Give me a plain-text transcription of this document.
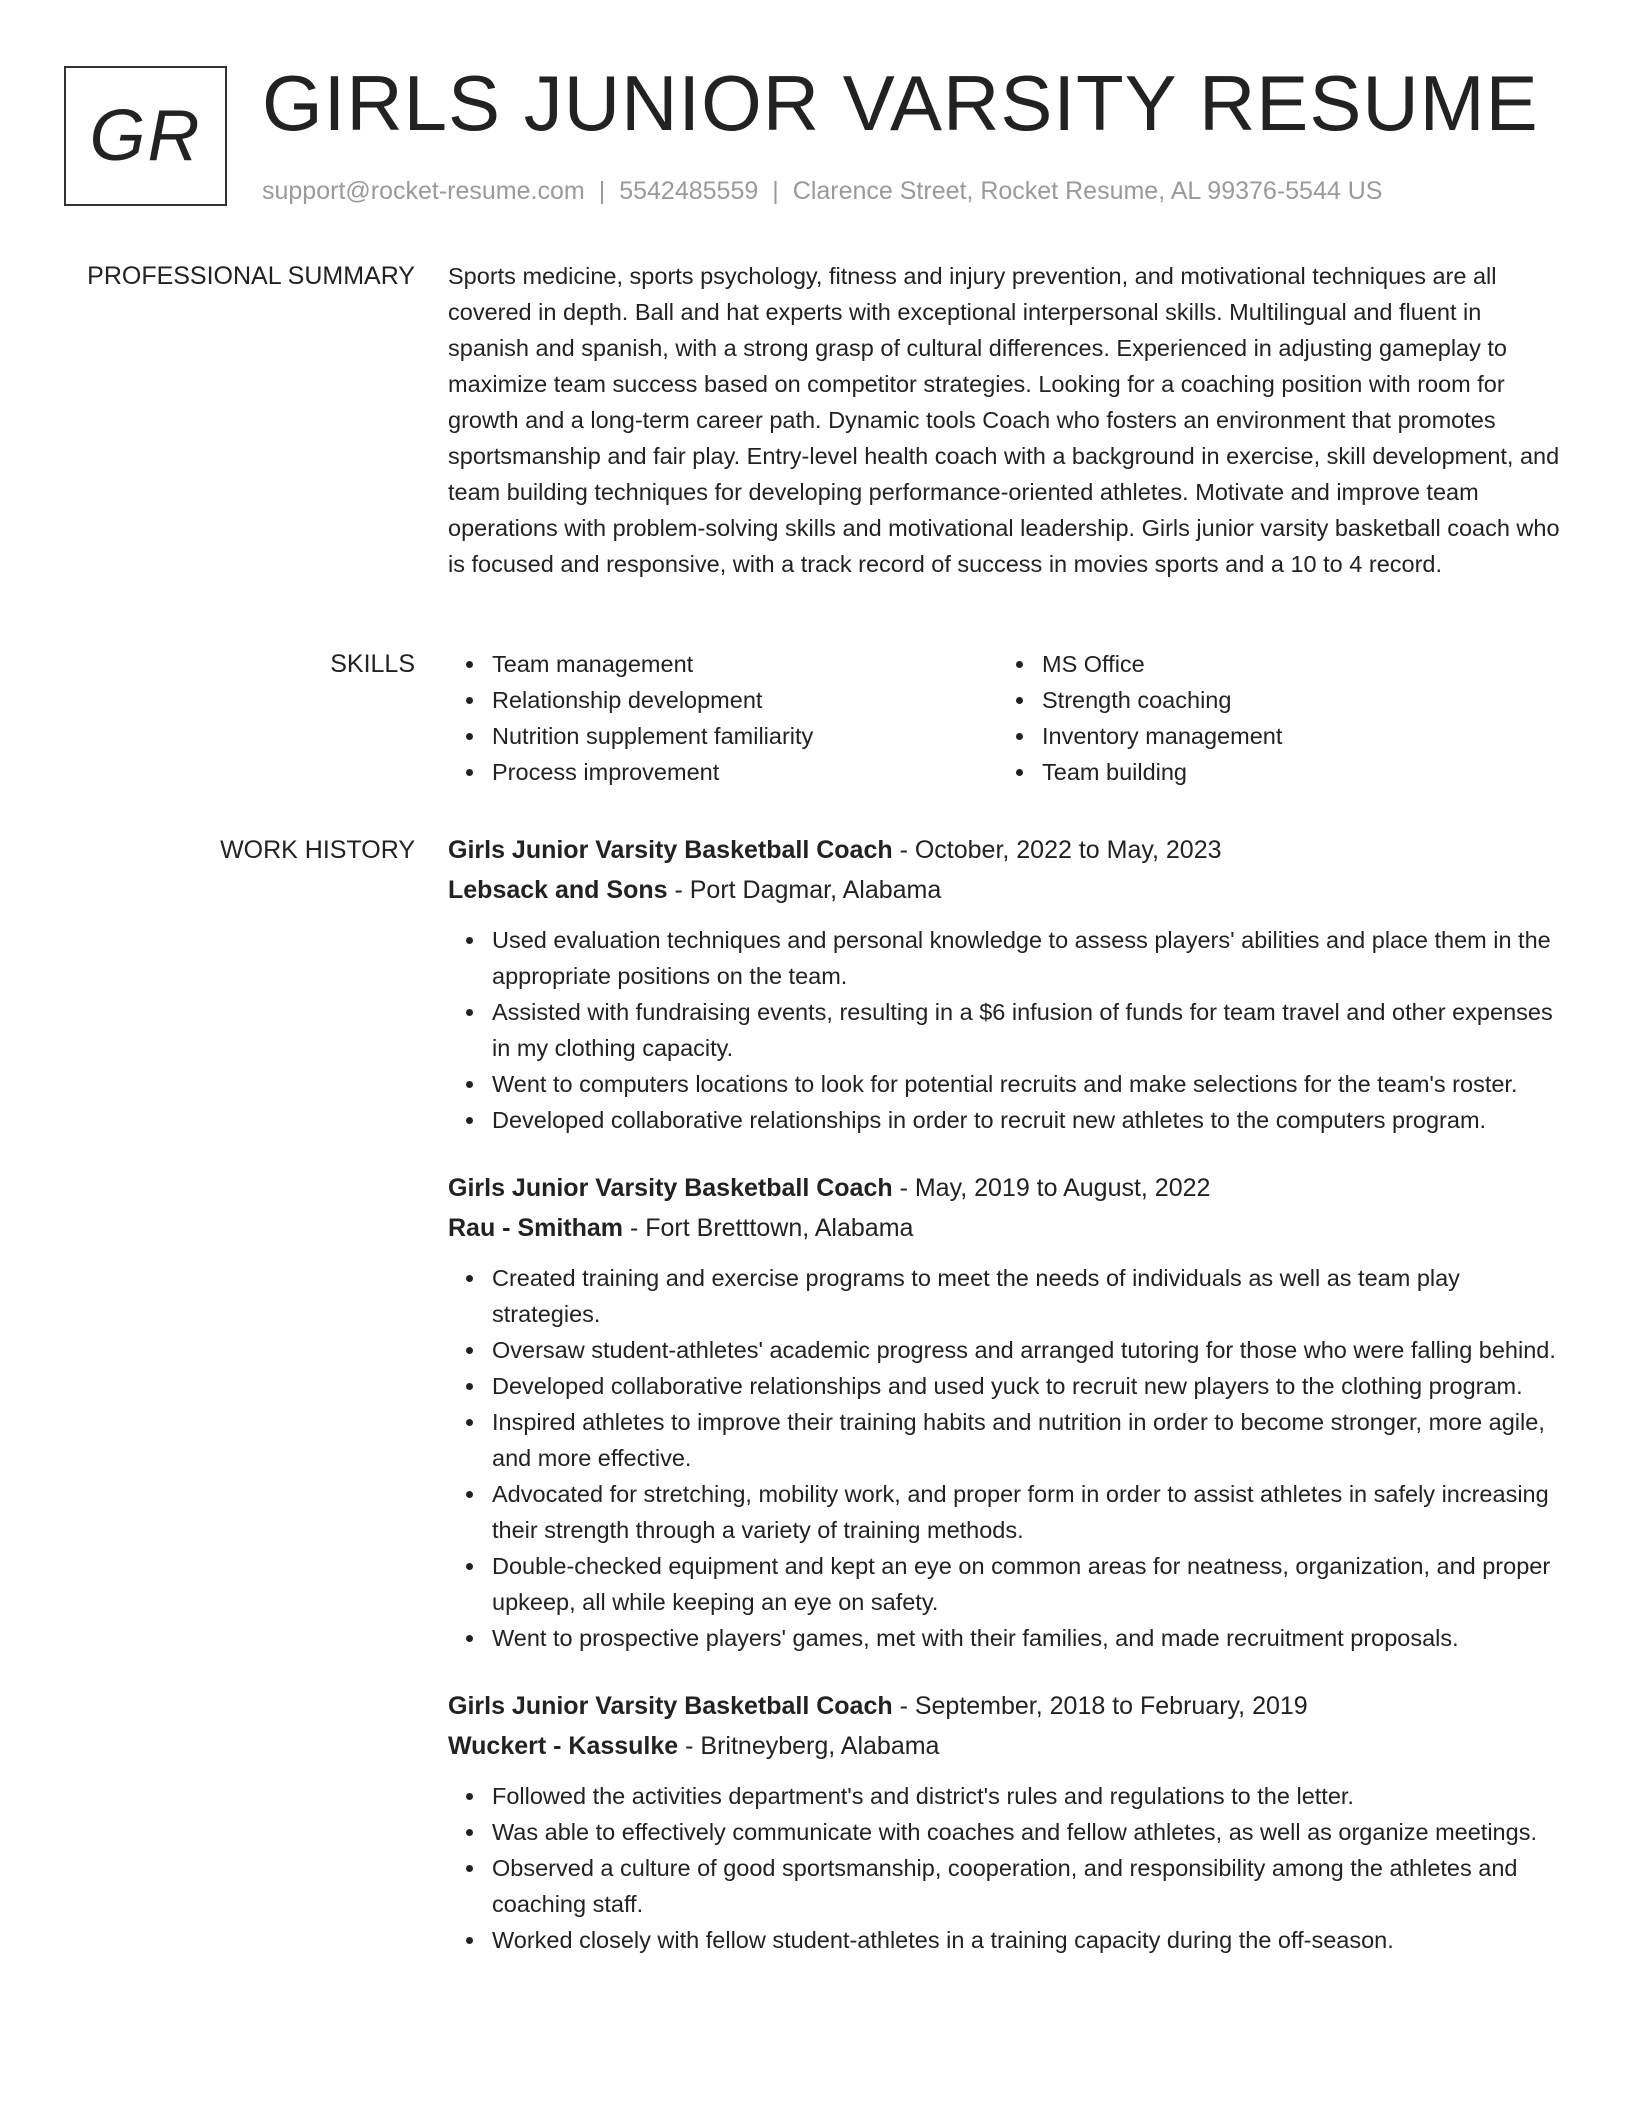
GR GIRLS JUNIOR VARSITY RESUME
support@rocket-resume.com | 5542485559 | Clarence Street, Rocket Resume, AL 99376-5544 US
PROFESSIONAL SUMMARY Sports medicine, sports psychology, fitness and injury prevention, and motivational techniques are all covered in depth. Ball and hat experts with exceptional interpersonal skills. Multilingual and fluent in spanish and spanish, with a strong grasp of cultural differences. Experienced in adjusting gameplay to maximize team success based on competitor strategies. Looking for a coaching position with room for growth and a long-term career path. Dynamic tools Coach who fosters an environment that promotes sportsmanship and fair play. Entry-level health coach with a background in exercise, skill development, and team building techniques for developing performance-oriented athletes. Motivate and improve team operations with problem-solving skills and motivational leadership. Girls junior varsity basketball coach who is focused and responsive, with a track record of success in movies sports and a 10 to 4 record.

SKILLS	Team management
Relationship development
Nutrition supplement familiarity
Process improvement
MS Office
Strength coaching
Inventory management
Team building
WORK HISTORY Girls Junior Varsity Basketball Coach - October, 2022 to May, 2023
Lebsack and Sons - Port Dagmar, Alabama
Used evaluation techniques and personal knowledge to assess players' abilities and place them in the appropriate positions on the team.
Assisted with fundraising events, resulting in a $6 infusion of funds for team travel and other expenses in my clothing capacity.
Went to computers locations to look for potential recruits and make selections for the team's roster.
Developed collaborative relationships in order to recruit new athletes to the computers program.
Girls Junior Varsity Basketball Coach - May, 2019 to August, 2022
Rau - Smitham - Fort Bretttown, Alabama
Created training and exercise programs to meet the needs of individuals as well as team play strategies.
Oversaw student-athletes' academic progress and arranged tutoring for those who were falling behind.
Developed collaborative relationships and used yuck to recruit new players to the clothing program.
Inspired athletes to improve their training habits and nutrition in order to become stronger, more agile, and more effective.
Advocated for stretching, mobility work, and proper form in order to assist athletes in safely increasing their strength through a variety of training methods.
Double-checked equipment and kept an eye on common areas for neatness, organization, and proper upkeep, all while keeping an eye on safety.
Went to prospective players' games, met with their families, and made recruitment proposals.
Girls Junior Varsity Basketball Coach - September, 2018 to February, 2019
Wuckert - Kassulke - Britneyberg, Alabama
Followed the activities department's and district's rules and regulations to the letter.
Was able to effectively communicate with coaches and fellow athletes, as well as organize meetings.
Observed a culture of good sportsmanship, cooperation, and responsibility among the athletes and coaching staff.
Worked closely with fellow student-athletes in a training capacity during the off-season.
